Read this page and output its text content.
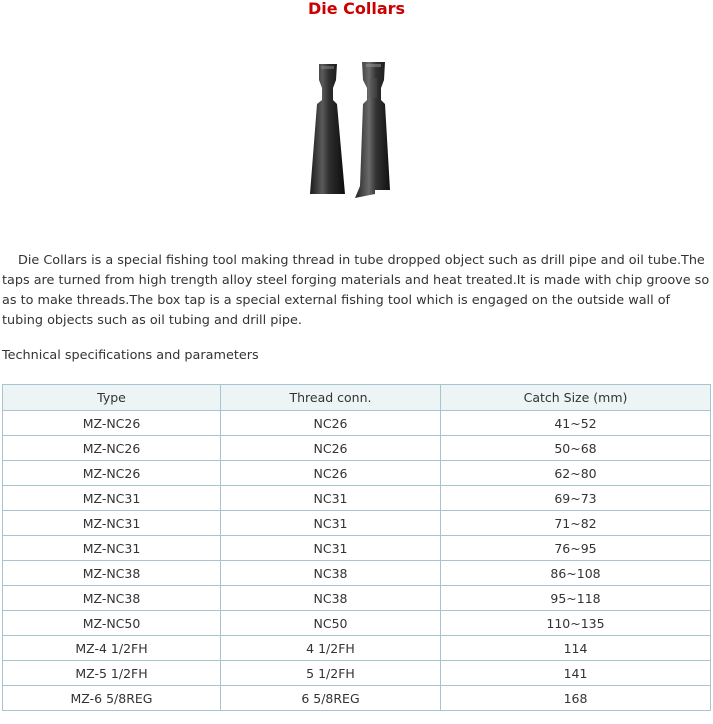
Die Collars

Die Collars is a special fishing tool making thread in tube dropped object such as drill pipe and oil tube.The taps are turned from high trength alloy steel forging materials and heat treated.It is made with chip groove so as to make threads.The box tap is a special external fishing tool which is engaged on the outside wall of tubing objects such as oil tubing and drill pipe.

Technical specifications and parameters

Type	Thread conn.	Catch Size (mm)
MZ-NC26	NC26	41~52
MZ-NC26	NC26	50~68
MZ-NC26	NC26	62~80
MZ-NC31	NC31	69~73
MZ-NC31	NC31	71~82
MZ-NC31	NC31	76~95
MZ-NC38	NC38	86~108
MZ-NC38	NC38	95~118
MZ-NC50	NC50	110~135
MZ-4 1/2FH	4 1/2FH	114
MZ-5 1/2FH	5 1/2FH	141
MZ-6 5/8REG	6 5/8REG	168
